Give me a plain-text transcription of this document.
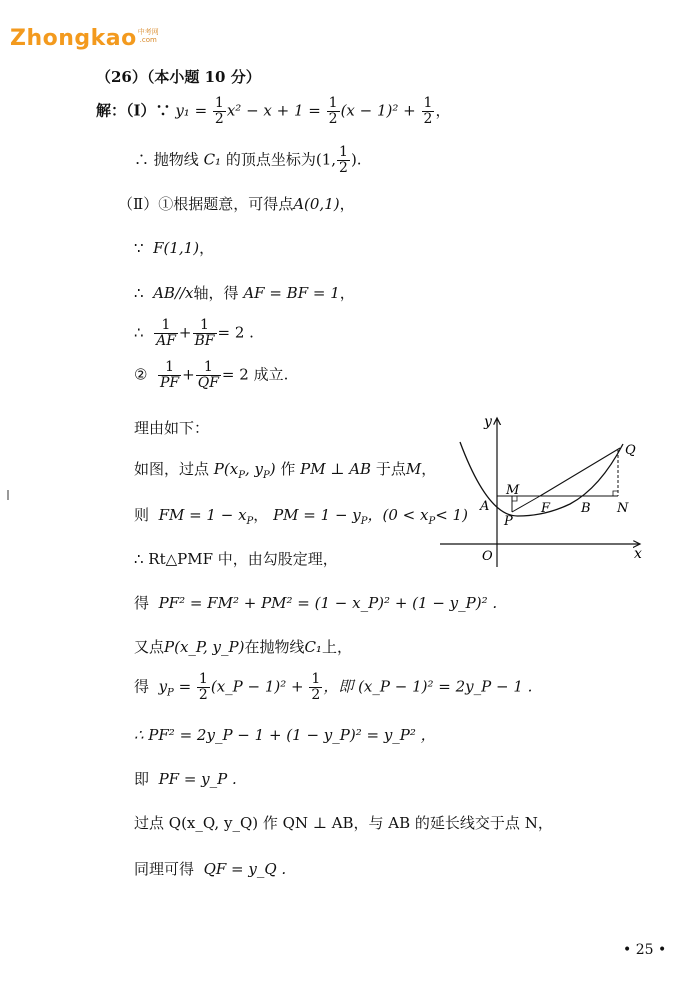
Zhongkao 中考网
.com
（26）（本小题 10 分）
解：（Ⅰ）∵ $y_1 = \frac{1}{2} x^2 - x + 1 = \frac{1}{2} (x - 1)^2 + \frac{1}{2}$ ，
∴ 抛物线 C₁ 的顶点坐标为(1, $\frac{1}{2}$ ).
（Ⅱ）①根据题意，可得点A(0,1)，
∵ F(1,1)，
∴ AB//x轴，得 AF = BF = 1，
∴ $\frac{1}{AF} + \frac{1}{BF} = 2$ .
② $\frac{1}{PF} + \frac{1}{QF} = 2$ 成立.
理由如下：
如图，过点 $P(x_P$, $y_P$) 作 PM ⊥ AB 于点M，
则 FM = $1 - x_P$， PM = $1 - y_P$，$(0 < x_P< 1)$
∴ Rt△PMF 中，由勾股定理，
得 PF² = FM² + PM² = (1 − x_P)² + (1 − y_P)² .
又点P(x_P, y_P)在抛物线C₁上，
得 $y_P = \frac{1}{2}$ (x_P − $1)^2 + \frac{1}{2}$ ，即 (x_P − 1)² = 2y_P − 1 .
∴ PF² = 2y_P − 1 + (1 − y_P)² = y_P² ，
即 PF = y_P .
过点 Q(x_Q, y_Q) 作 QN ⊥ AB，与 AB 的延长线交于点 N，
同理可得 QF = y_Q .
y
x
O
A
M
P
F B N
Q
• 25 •
